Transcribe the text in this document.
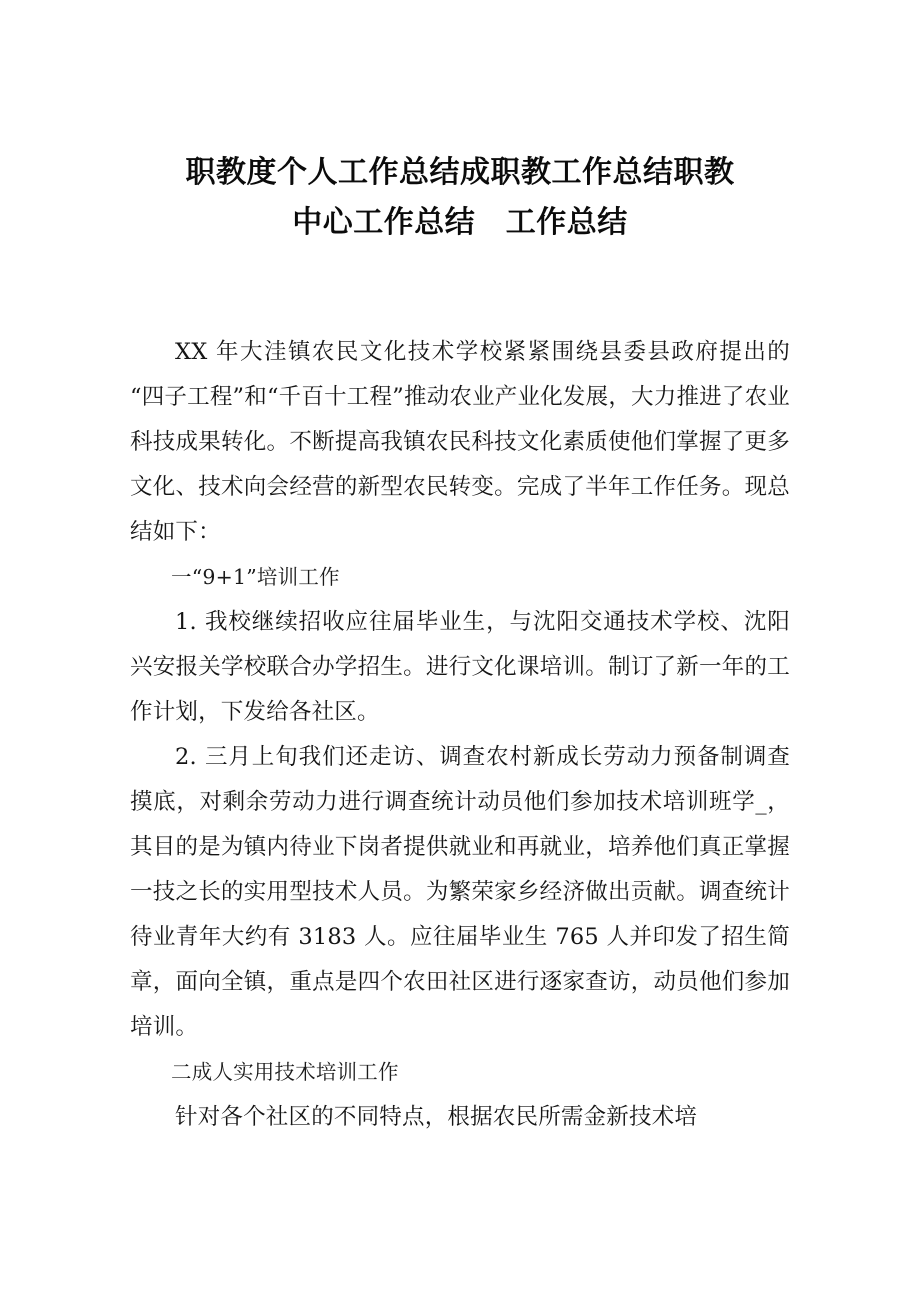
职教度个人工作总结成职教工作总结职教
中心工作总结　工作总结

XX 年大洼镇农民文化技术学校紧紧围绕县委县政府提出的“四子工程”和“千百十工程”推动农业产业化发展，大力推进了农业科技成果转化。不断提高我镇农民科技文化素质使他们掌握了更多文化、技术向会经营的新型农民转变。完成了半年工作任务。现总结如下：

一“9+1”培训工作

1. 我校继续招收应往届毕业生，与沈阳交通技术学校、沈阳兴安报关学校联合办学招生。进行文化课培训。制订了新一年的工作计划，下发给各社区。

2. 三月上旬我们还走访、调查农村新成长劳动力预备制调查摸底，对剩余劳动力进行调查统计动员他们参加技术培训班学_，其目的是为镇内待业下岗者提供就业和再就业，培养他们真正掌握一技之长的实用型技术人员。为繁荣家乡经济做出贡献。调查统计待业青年大约有 3183 人。应往届毕业生 765 人并印发了招生简章，面向全镇，重点是四个农田社区进行逐家查访，动员他们参加培训。

二成人实用技术培训工作

针对各个社区的不同特点，根据农民所需金新技术培
